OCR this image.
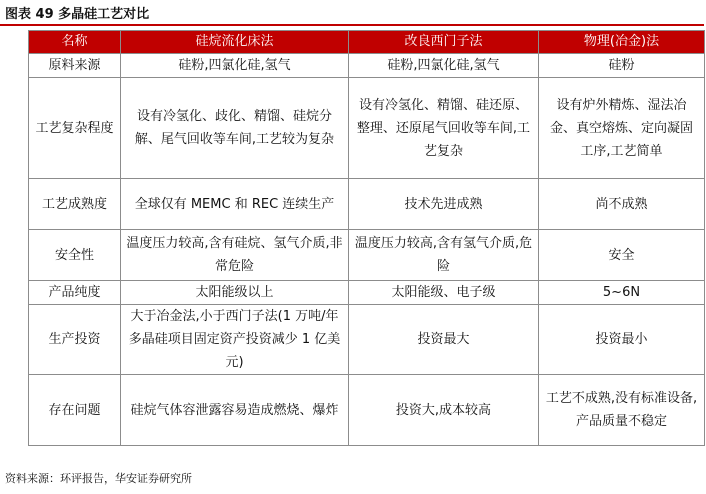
图表 49 多晶硅工艺对比
名称	硅烷流化床法	改良西门子法	物理(冶金)法
原料来源	硅粉,四氯化硅,氢气	硅粉,四氯化硅,氢气	硅粉
工艺复杂程度	设有冷氢化、歧化、精馏、硅烷分解、尾气回收等车间,工艺较为复杂	设有冷氢化、精馏、硅还原、整理、还原尾气回收等车间,工艺复杂	设有炉外精炼、湿法冶金、真空熔炼、定向凝固工序,工艺简单
工艺成熟度	全球仅有 MEMC 和 REC 连续生产	技术先进成熟	尚不成熟
安全性	温度压力较高,含有硅烷、氢气介质,非常危险	温度压力较高,含有氢气介质,危险	安全
产品纯度	太阳能级以上	太阳能级、电子级	5~6N
生产投资	大于冶金法,小于西门子法(1 万吨/年多晶硅项目固定资产投资减少 1 亿美元)	投资最大	投资最小
存在问题	硅烷气体容泄露容易造成燃烧、爆炸	投资大,成本较高	工艺不成熟,没有标准设备,产品质量不稳定
资料来源：环评报告，华安证券研究所
